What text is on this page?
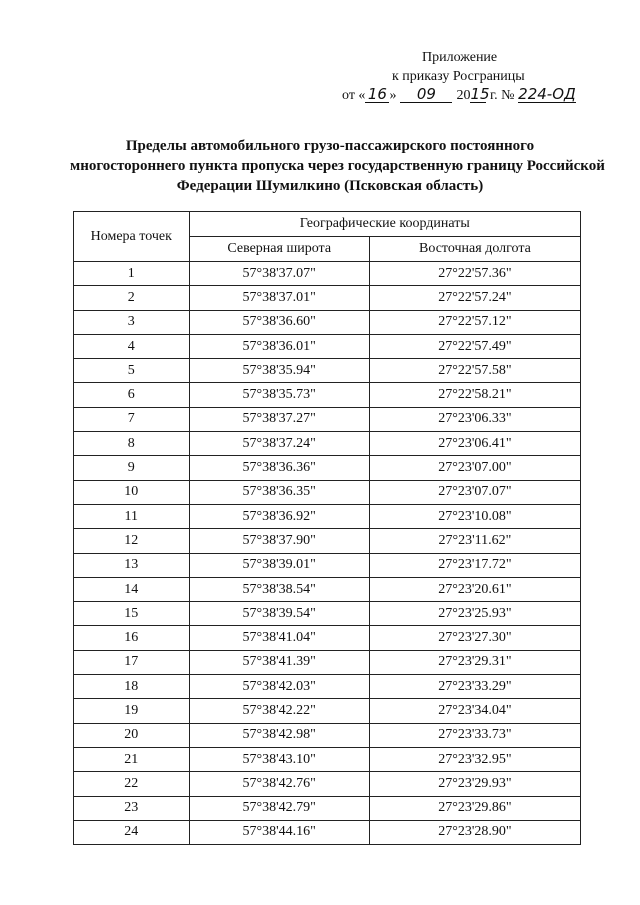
Приложение
к приказу Росграницы
от « 16 » 09 2015 г. № 224-ОД
Пределы автомобильного грузо-пассажирского постоянного
многостороннего пункта пропуска через государственную границу Российской
Федерации Шумилкино (Псковская область)
Номера точек	Географические координаты	
	Северная широта	Восточная долгота
1	57°38'37.07"	27°22'57.36"
2	57°38'37.01"	27°22'57.24"
3	57°38'36.60"	27°22'57.12"
4	57°38'36.01"	27°22'57.49"
5	57°38'35.94"	27°22'57.58"
6	57°38'35.73"	27°22'58.21"
7	57°38'37.27"	27°23'06.33"
8	57°38'37.24"	27°23'06.41"
9	57°38'36.36"	27°23'07.00"
10	57°38'36.35"	27°23'07.07"
11	57°38'36.92"	27°23'10.08"
12	57°38'37.90"	27°23'11.62"
13	57°38'39.01"	27°23'17.72"
14	57°38'38.54"	27°23'20.61"
15	57°38'39.54"	27°23'25.93"
16	57°38'41.04"	27°23'27.30"
17	57°38'41.39"	27°23'29.31"
18	57°38'42.03"	27°23'33.29"
19	57°38'42.22"	27°23'34.04"
20	57°38'42.98"	27°23'33.73"
21	57°38'43.10"	27°23'32.95"
22	57°38'42.76"	27°23'29.93"
23	57°38'42.79"	27°23'29.86"
24	57°38'44.16"	27°23'28.90"
